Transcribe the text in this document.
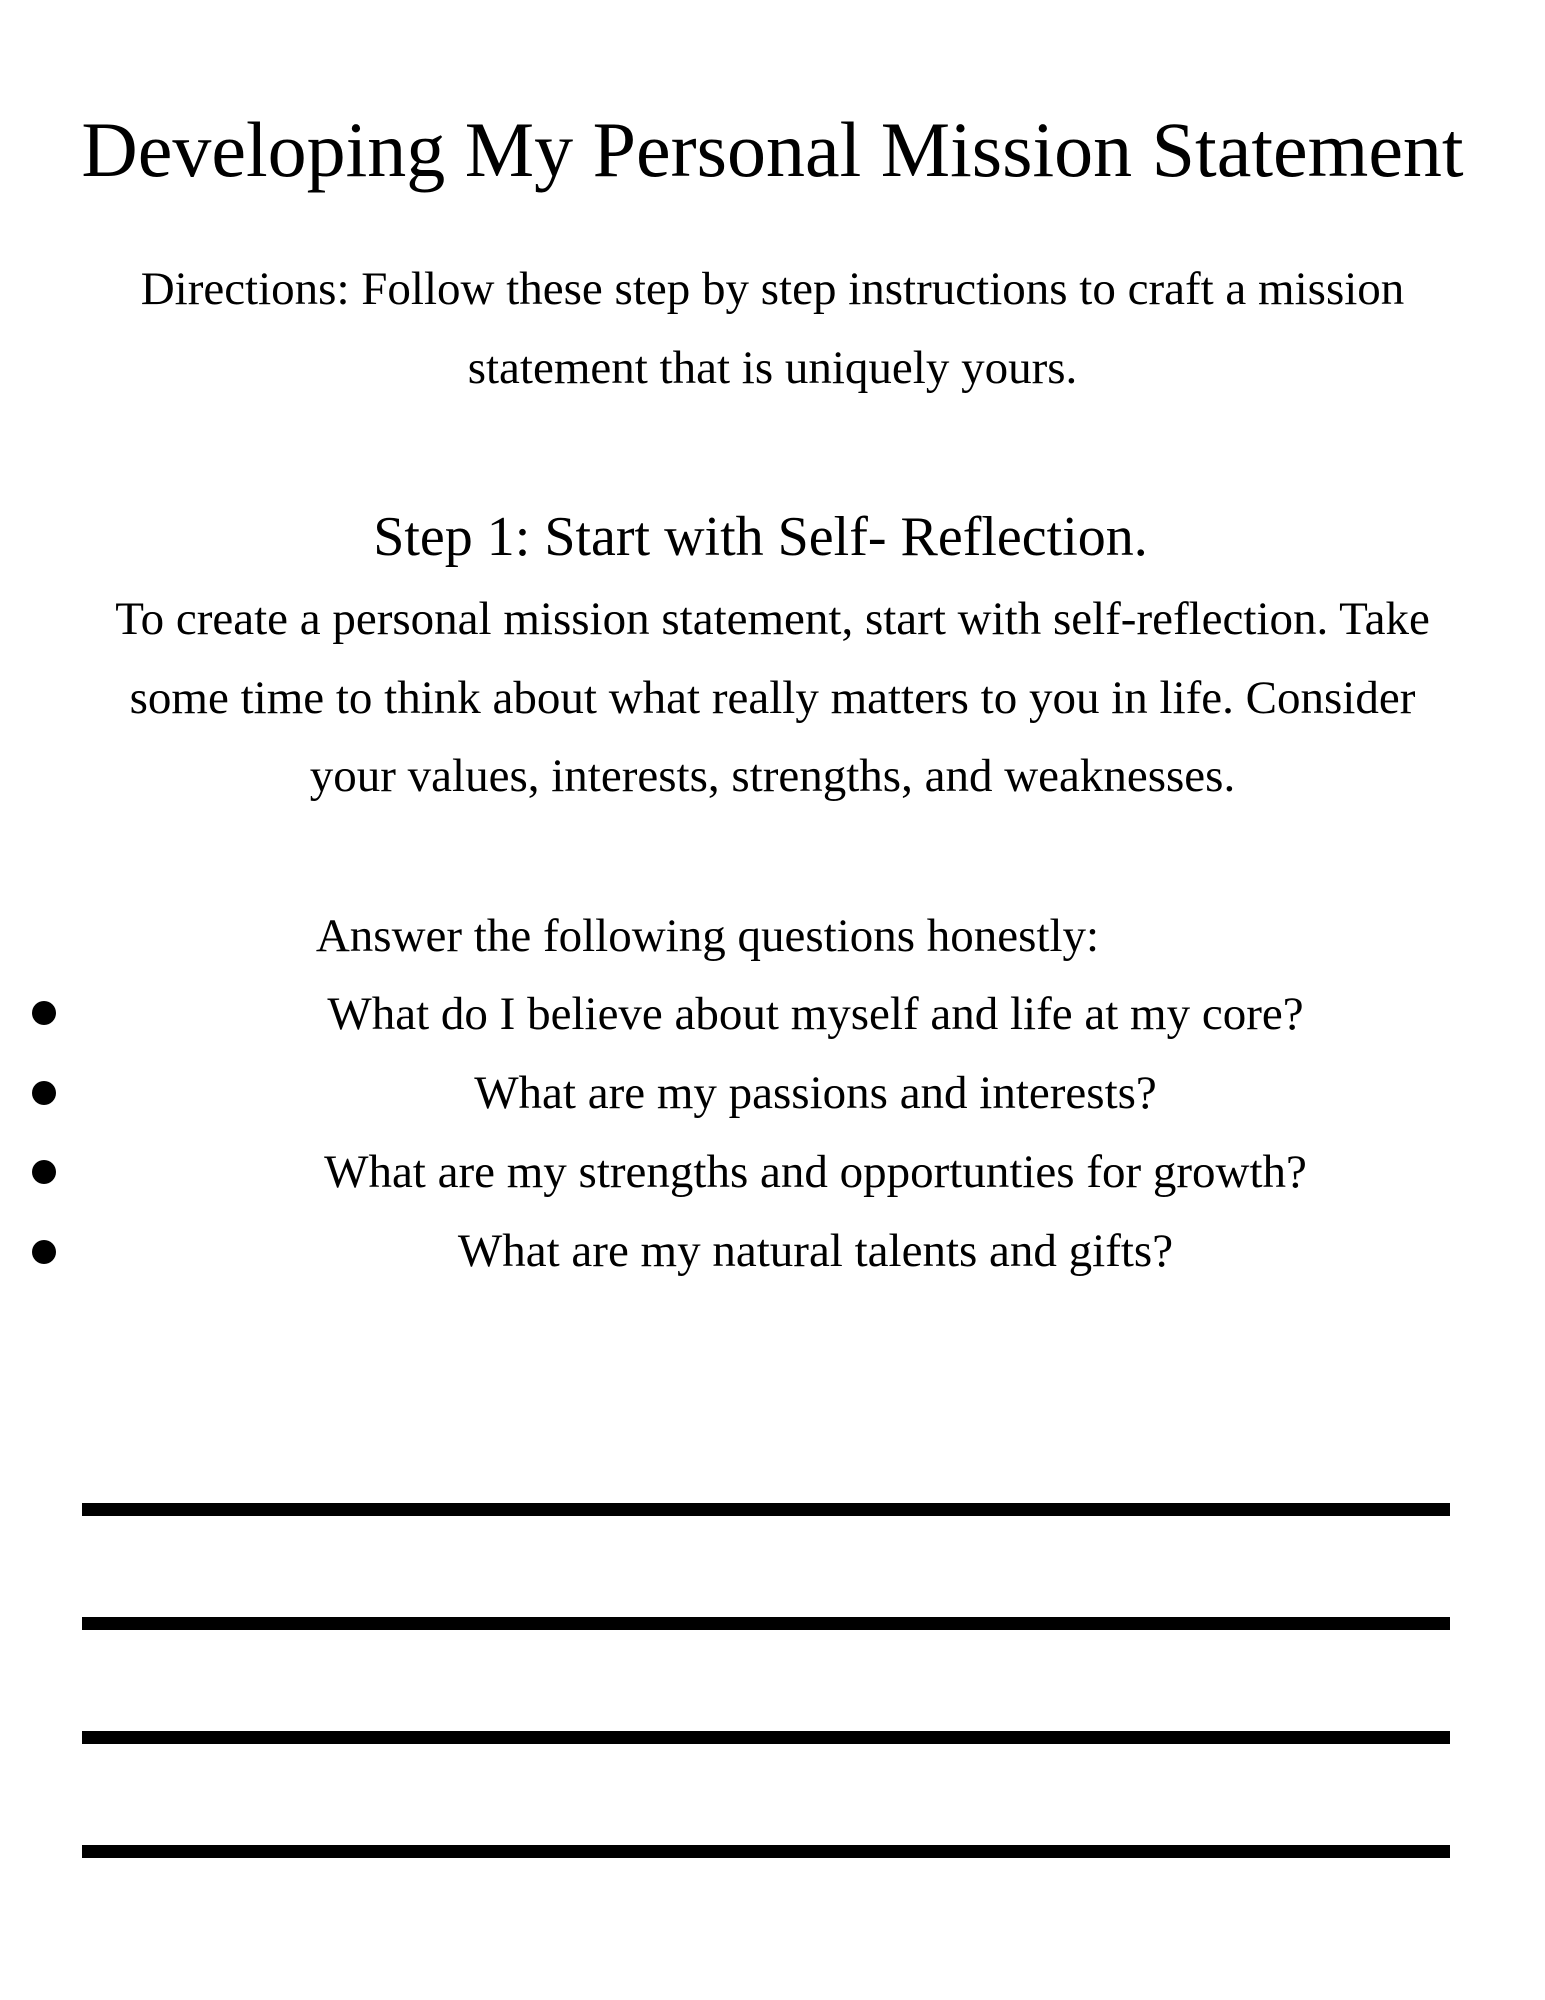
Developing My Personal Mission Statement
Directions: Follow these step by step instructions to craft a mission
statement that is uniquely yours.
Step 1: Start with Self- Reflection.
To create a personal mission statement, start with self-reflection. Take
some time to think about what really matters to you in life. Consider
your values, interests, strengths, and weaknesses.
Answer the following questions honestly:
What do I believe about myself and life at my core?
What are my passions and interests?
What are my strengths and opportunties for growth?
What are my natural talents and gifts?
